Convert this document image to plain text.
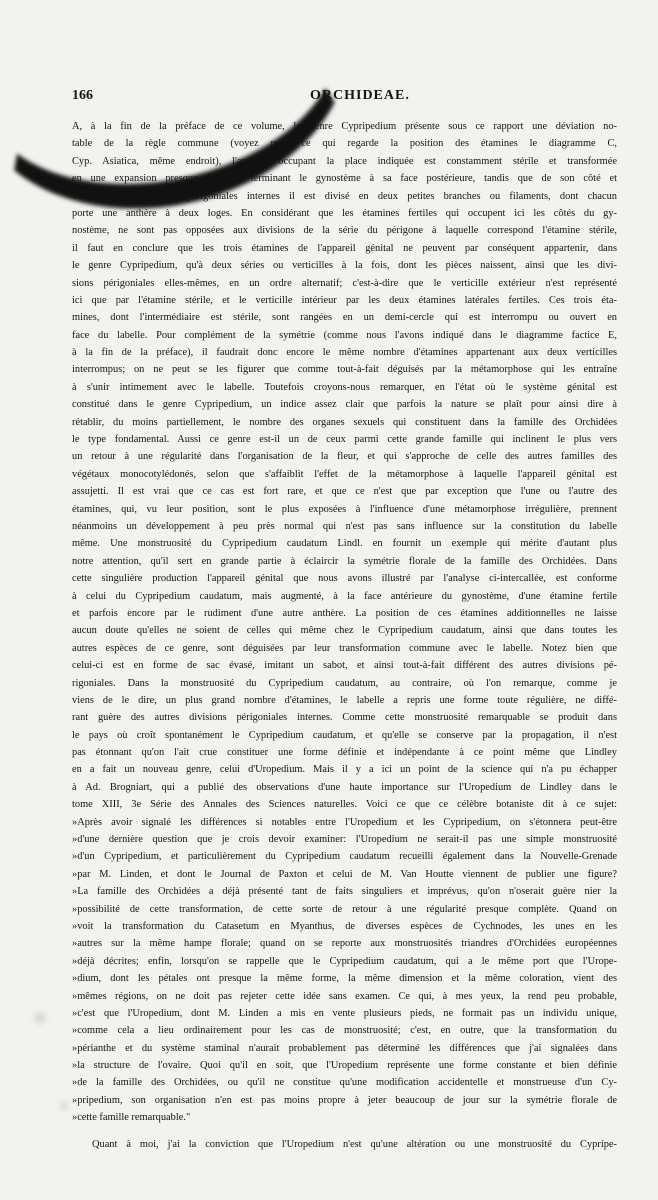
166	ORCHIDEAE.
A, à la fin de la préface de ce volume, le genre Cypripedium présente sous ce rapport une déviation no-
table de la règle commune (voyez pour ce qui regarde la position des étamines le diagramme C,
Cyp. Asiatica, même endroit), l'anthère occupant la place indiquée est constamment stérile et transformée
en une expansion presque foliacée, terminant le gynostème à sa face postérieure, tandis que de son côté et
vis-à-vis des divisions périgoniales internes il est divisé en deux petites branches ou filaments, dont chacun
porte une anthère à deux loges. En considérant que les étamines fertiles qui occupent ici les côtés du gy-
nostème, ne sont pas opposées aux divisions de la série du périgone à laquelle correspond l'étamine stérile,
il faut en conclure que les trois étamines de l'appareil génital ne peuvent par conséquent appartenir, dans
le genre Cypripedium, qu'à deux séries ou verticilles à la fois, dont les pièces naissent, ainsi que les divi-
sions périgoniales elles-mêmes, en un ordre alternatif; c'est-à-dire que le verticille extérieur n'est représenté
ici que par l'étamine stérile, et le verticille intérieur par les deux étamines latérales fertiles. Ces trois éta-
mines, dont l'intermédiaire est stérile, sont rangées en un demi-cercle qui est interrompu ou ouvert en
face du labelle. Pour complément de la symétrie (comme nous l'avons indiqué dans le diagramme factice E,
à la fin de la préface), il faudrait donc encore le même nombre d'étamines appartenant aux deux verticilles
interrompus; on ne peut se les figurer que comme tout-à-fait déguisés par la métamorphose qui les entraîne
à s'unir intimement avec le labelle. Toutefois croyons-nous remarquer, en l'état où le système génital est
constitué dans le genre Cypripedium, un indice assez clair que parfois la nature se plaît pour ainsi dire à
rétablir, du moins partiellement, le nombre des organes sexuels qui constituent dans la famille des Orchidées
le type fondamental. Aussi ce genre est-il un de ceux parmi cette grande famille qui inclinent le plus vers
un retour à une régularité dans l'organisation de la fleur, et qui s'approche de celle des autres familles des
végétaux monocotylédonés, selon que s'affaiblit l'effet de la métamorphose à laquelle l'appareil génital est
assujetti. Il est vrai que ce cas est fort rare, et que ce n'est que par exception que l'une ou l'autre des
étamines, qui, vu leur position, sont le plus exposées à l'influence d'une métamorphose irrégulière, prennent
néanmoins un développement à peu près normal qui n'est pas sans influence sur la constitution du labelle
même. Une monstruosité du Cypripedium caudatum Lindl. en fournit un exemple qui mérite d'autant plus
notre attention, qu'il sert en grande partie à éclaircir la symétrie florale de la famille des Orchidées. Dans
cette singulière production l'appareil génital que nous avons illustré par l'analyse ci-intercallée, est conforme
à celui du Cypripedium caudatum, mais augmenté, à la face antérieure du gynostème, d'une étamine fertile
et parfois encore par le rudiment d'une autre anthère. La position de ces étamines additionnelles ne laisse
aucun doute qu'elles ne soient de celles qui même chez le Cypripedium caudatum, ainsi que dans toutes les
autres espèces de ce genre, sont déguisées par leur transformation commune avec le labelle. Notez bien que
celui-ci est en forme de sac évasé, imitant un sabot, et ainsi tout-à-fait différent des autres divisions pé-
rigoniales. Dans la monstruosité du Cypripedium caudatum, au contraire, où l'on remarque, comme je
viens de le dire, un plus grand nombre d'étamines, le labelle a repris une forme toute régulière, ne diffé-
rant guère des autres divisions périgoniales internes. Comme cette monstruosité remarquable se produit dans
le pays où croît spontanément le Cypripedium caudatum, et qu'elle se conserve par la propagation, il n'est
pas étonnant qu'on l'ait crue constituer une forme définie et indépendante à ce point même que Lindley
en a fait un nouveau genre, celui d'Uropedium. Mais il y a ici un point de la science qui n'a pu échapper
à Ad. Brogniart, qui a publié des observations d'une haute importance sur l'Uropedium de Lindley dans le
tome XIII, 3e Série des Annales des Sciences naturelles. Voici ce que ce célèbre botaniste dit à ce sujet:
»Après avoir signalé les différences si notables entre l'Uropedium et les Cypripedium, on s'étonnera peut-être
»d'une dernière question que je crois devoir examiner: l'Uropedium ne serait-il pas une simple monstruosité
»d'un Cypripedium, et particulièrement du Cypripedium caudatum recueilli également dans la Nouvelle-Grenade
»par M. Linden, et dont le Journal de Paxton et celui de M. Van Houtte viennent de publier une figure?
»La famille des Orchidées a déjà présenté tant de faits singuliers et imprévus, qu'on n'oserait guère nier la
»possibilité de cette transformation, de cette sorte de retour à une régularité presque complète. Quand on
»voit la transformation du Catasetum en Myanthus, de diverses espèces de Cychnodes, les unes en les
»autres sur la même hampe florale; quand on se reporte aux monstruosités triandres d'Orchidées européennes
»déjà décrites; enfin, lorsqu'on se rappelle que le Cypripedium caudatum, qui a le même port que l'Urope-
»dium, dont les pétales ont presque la même forme, la même dimension et la même coloration, vient des
»mêmes régions, on ne doit pas rejeter cette idée sans examen. Ce qui, à mes yeux, la rend peu probable,
»c'est que l'Uropedium, dont M. Linden a mis en vente plusieurs pieds, ne formait pas un individu unique,
»comme cela a lieu ordinairement pour les cas de monstruosité; c'est, en outre, que la transformation du
»périanthe et du système staminal n'aurait probablement pas déterminé les différences que j'ai signalées dans
»la structure de l'ovaire. Quoi qu'il en soit, que l'Uropedium représente une forme constante et bien définie
»de la famille des Orchidées, ou qu'il ne constitue qu'une modification accidentelle et monstrueuse d'un Cy-
»pripedium, son organisation n'en est pas moins propre à jeter beaucoup de jour sur la symétrie florale de
»cette famille remarquable."
Quant à moi, j'ai la conviction que l'Uropedium n'est qu'une altération ou une monstruosité du Cypripe-
